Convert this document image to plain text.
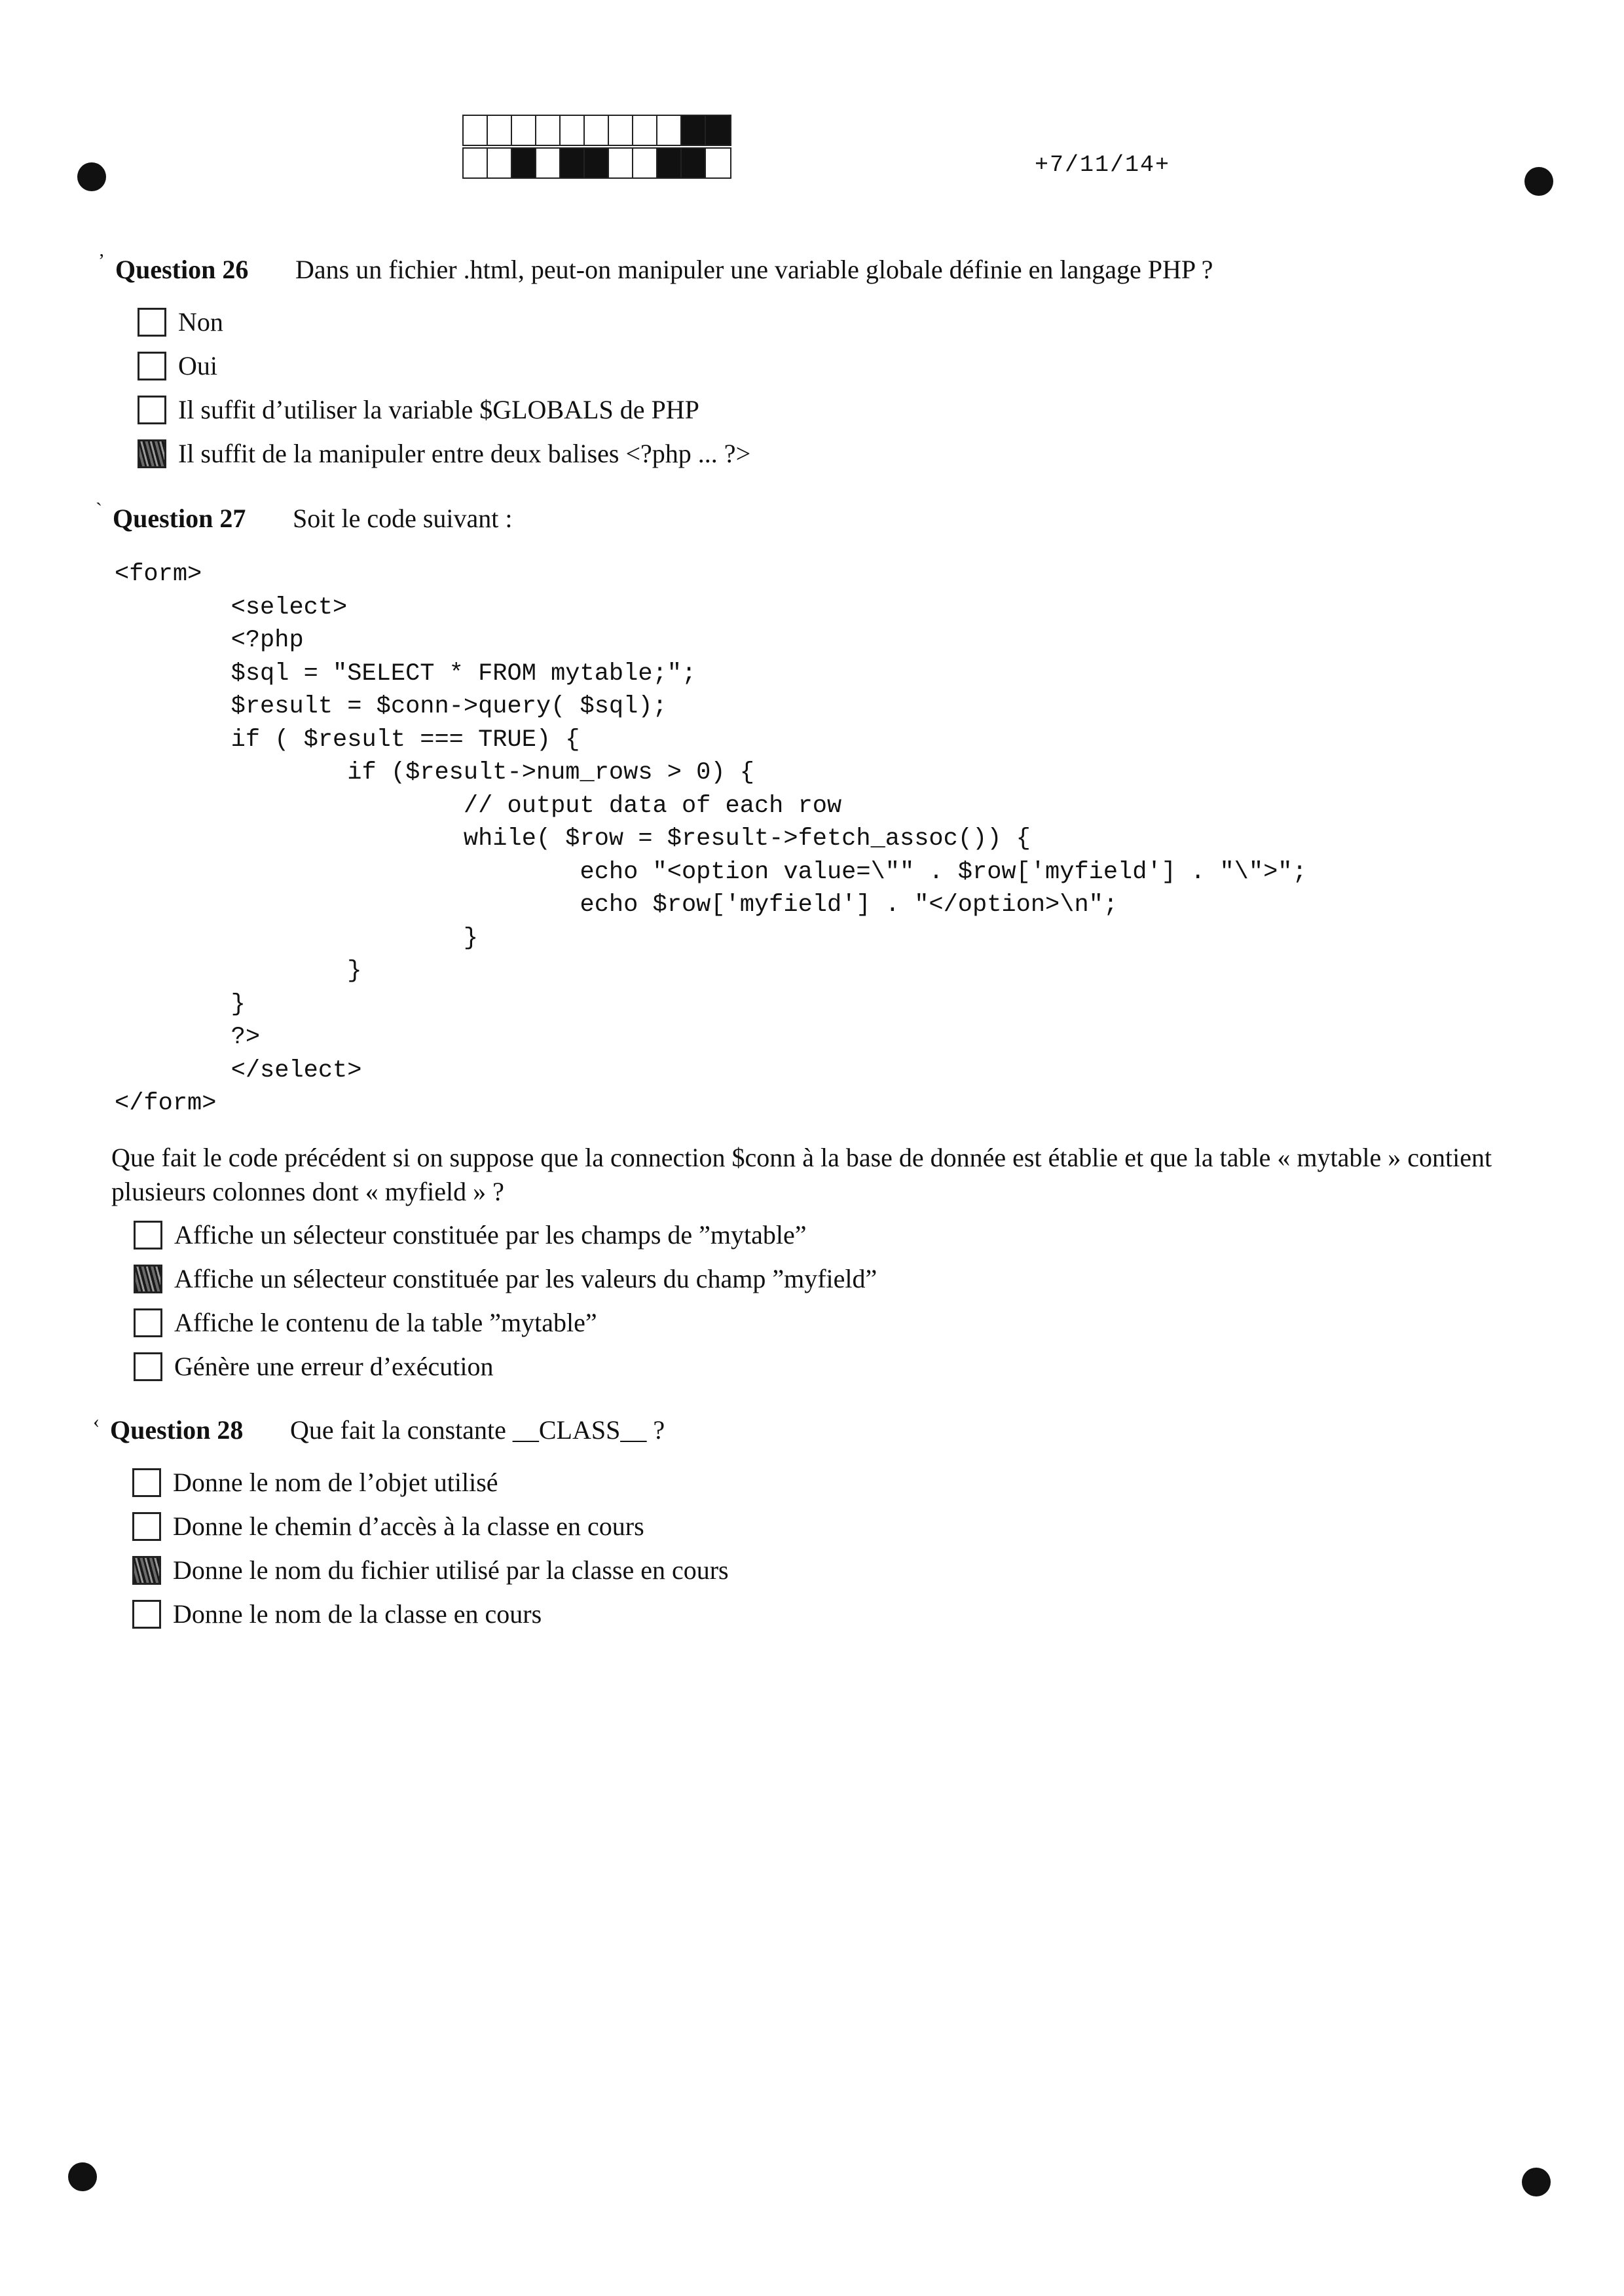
+7/11/14+
ʼ Question 26 Dans un fichier .html, peut-on manipuler une variable globale définie en langage PHP ?
Non
Oui
Il suffit d’utiliser la variable $GLOBALS de PHP
Il suffit de la manipuler entre deux balises <?php ... ?>
ˋ Question 27 Soit le code suivant :
<form>
<select>
<?php
$sql = "SELECT * FROM mytable;";
$result = $conn->query( $sql);
if ( $result === TRUE) {
if ($result->num_rows > 0) {
// output data of each row
while( $row = $result->fetch_assoc()) {
echo "<option value=\"" . $row['myfield'] . "\">";
echo $row['myfield'] . "</option>\n";
}
}
}
?>
</select>
</form>
Que fait le code précédent si on suppose que la connection $conn à la base de donnée est établie et que la table « mytable » contient plusieurs colonnes dont « myfield » ?
Affiche un sélecteur constituée par les champs de ”mytable”
Affiche un sélecteur constituée par les valeurs du champ ”myfield”
Affiche le contenu de la table ”mytable”
Génère une erreur d’exécution
‹ Question 28 Que fait la constante __CLASS__ ?
Donne le nom de l’objet utilisé
Donne le chemin d’accès à la classe en cours
Donne le nom du fichier utilisé par la classe en cours
Donne le nom de la classe en cours
